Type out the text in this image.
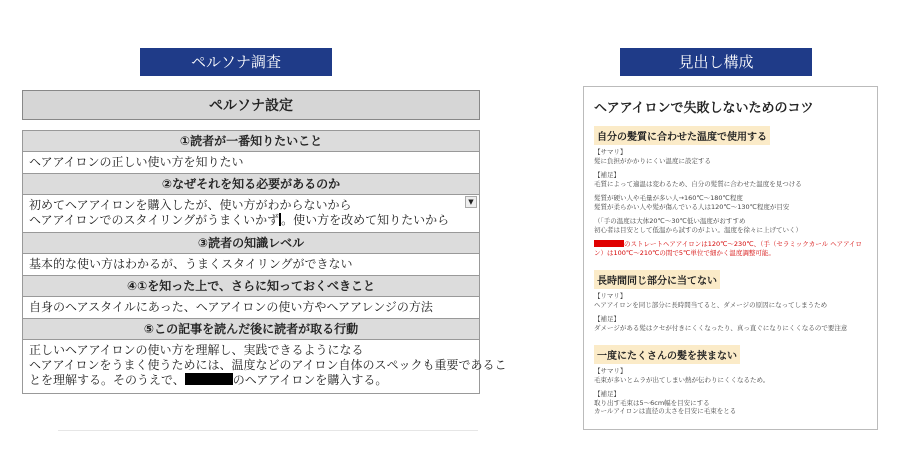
ペルソナ調査	見出し構成
ペルソナ設定
①読者が一番知りたいこと
ヘアアイロンの正しい使い方を知りたい
②なぜそれを知る必要があるのか
初めてヘアアイロンを購入したが、使い方がわからないから
ヘアアイロンでのスタイリングがうまくいかず 。使い方を改めて知りたいから
▼
③読者の知識レベル
基本的な使い方はわかるが、うまくスタイリングができない
④①を知った上で、さらに知っておくべきこと
自身のヘアスタイルにあった、ヘアアイロンの使い方やヘアアレンジの方法
⑤この記事を読んだ後に読者が取る行動
正しいヘアアイロンの使い方を理解し、実践できるようになる
ヘアアイロンをうまく使うためには、温度などのアイロン自体のスペックも重要であるこ
とを理解する。そのうえで、	のヘアアイロンを購入する。
ヘアアイロンで失敗しないためのコツ
自分の髪質に合わせた温度で使用する
【サマリ】
髪に負担がかかりにくい温度に設定する
【補足】
毛質によって適温は変わるため、自分の髪質に合わせた温度を見つける
髪質が硬い人や毛量が多い人→160℃～180℃程度
髪質が柔らかい人や髪が傷んでいる人は120℃～130℃程度が目安
（「手の温度は大体20℃～30℃低い温度がおすすめ
初心者は目安として低温から試すのがよい。温度を徐々に上げていく）
のストレートヘアアイロンは120℃～230℃、（手（セラミックカール ヘアアイロ
ン）は100℃～210℃の間で5℃単位で細かく温度調整可能。
長時間同じ部分に当てない
【リマリ】
ヘアアイロンを同じ部分に長時間当てると、ダメージの原因になってしまうため
【補足】
ダメージがある髪はクセが付きにくくなったり、真っ直ぐになりにくくなるので要注意
一度にたくさんの髪を挟まない
【サマリ】
毛束が多いとムラが出てしまい熱が伝わりにくくなるため。
【補足】
取り出す毛束は5～6cm幅を目安にする
カールアイロンは直径の太さを目安に毛束をとる
